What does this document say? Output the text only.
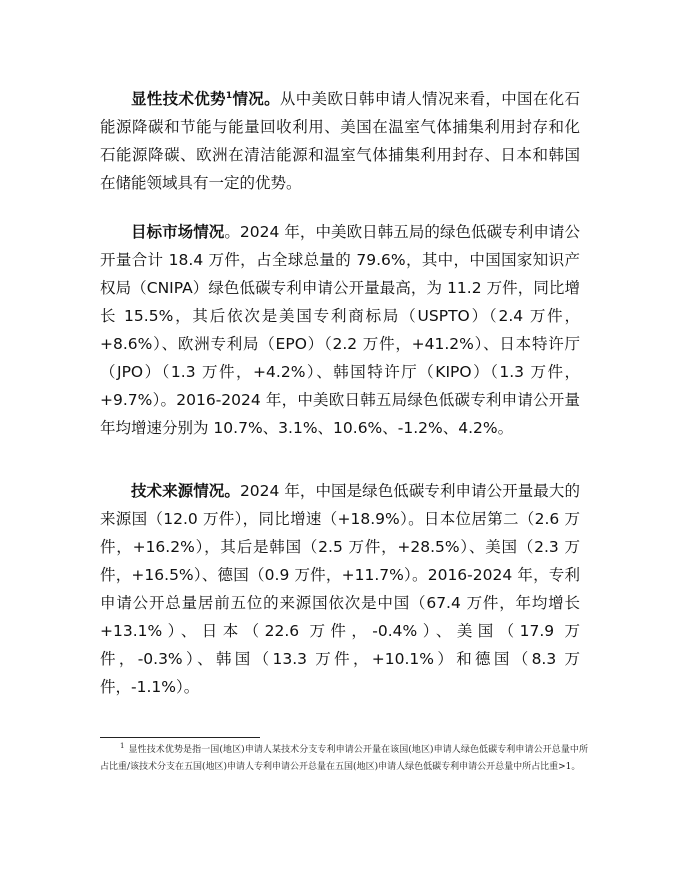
显性技术优势$^1$情况。从中美欧日韩申请人情况来看，中国在化石能源降碳和节能与能量回收利用、美国在温室气体捕集利用封存和化石能源降碳、欧洲在清洁能源和温室气体捕集利用封存、日本和韩国在储能领域具有一定的优势。

目标市场情况。2024 年，中美欧日韩五局的绿色低碳专利申请公开量合计 18.4 万件，占全球总量的 79.6%，其中，中国国家知识产权局（CNIPA）绿色低碳专利申请公开量最高，为 11.2 万件，同比增长 15.5%，其后依次是美国专利商标局（USPTO）（2.4 万件，+8.6%）、欧洲专利局（EPO）（2.2 万件，+41.2%）、日本特许厅（JPO）（1.3 万件，+4.2%）、韩国特许厅（KIPO）（1.3 万件，+9.7%）。2016-2024 年，中美欧日韩五局绿色低碳专利申请公开量年均增速分别为 10.7%、3.1%、10.6%、-1.2%、4.2%。

技术来源情况。2024 年，中国是绿色低碳专利申请公开量最大的来源国（12.0 万件），同比增速（+18.9%）。日本位居第二（2.6 万件，+16.2%），其后是韩国（2.5 万件，+28.5%）、美国（2.3 万件，+16.5%）、德国（0.9 万件，+11.7%）。2016-2024 年，专利申请公开总量居前五位的来源国依次是中国（67.4 万件，年均增长+13.1%）、日本（22.6 万件，-0.4%）、美国（17.9 万件，-0.3%）、韩国（13.3 万件，+10.1%）和德国（8.3 万件，-1.1%）。

$^1$ 显性技术优势是指一国(地区)申请人某技术分支专利申请公开量在该国(地区)申请人绿色低碳专利申请公开总量中所占比重/该技术分支在五国(地区)申请人专利申请公开总量在五国(地区)申请人绿色低碳专利申请公开总量中所占比重>1。
